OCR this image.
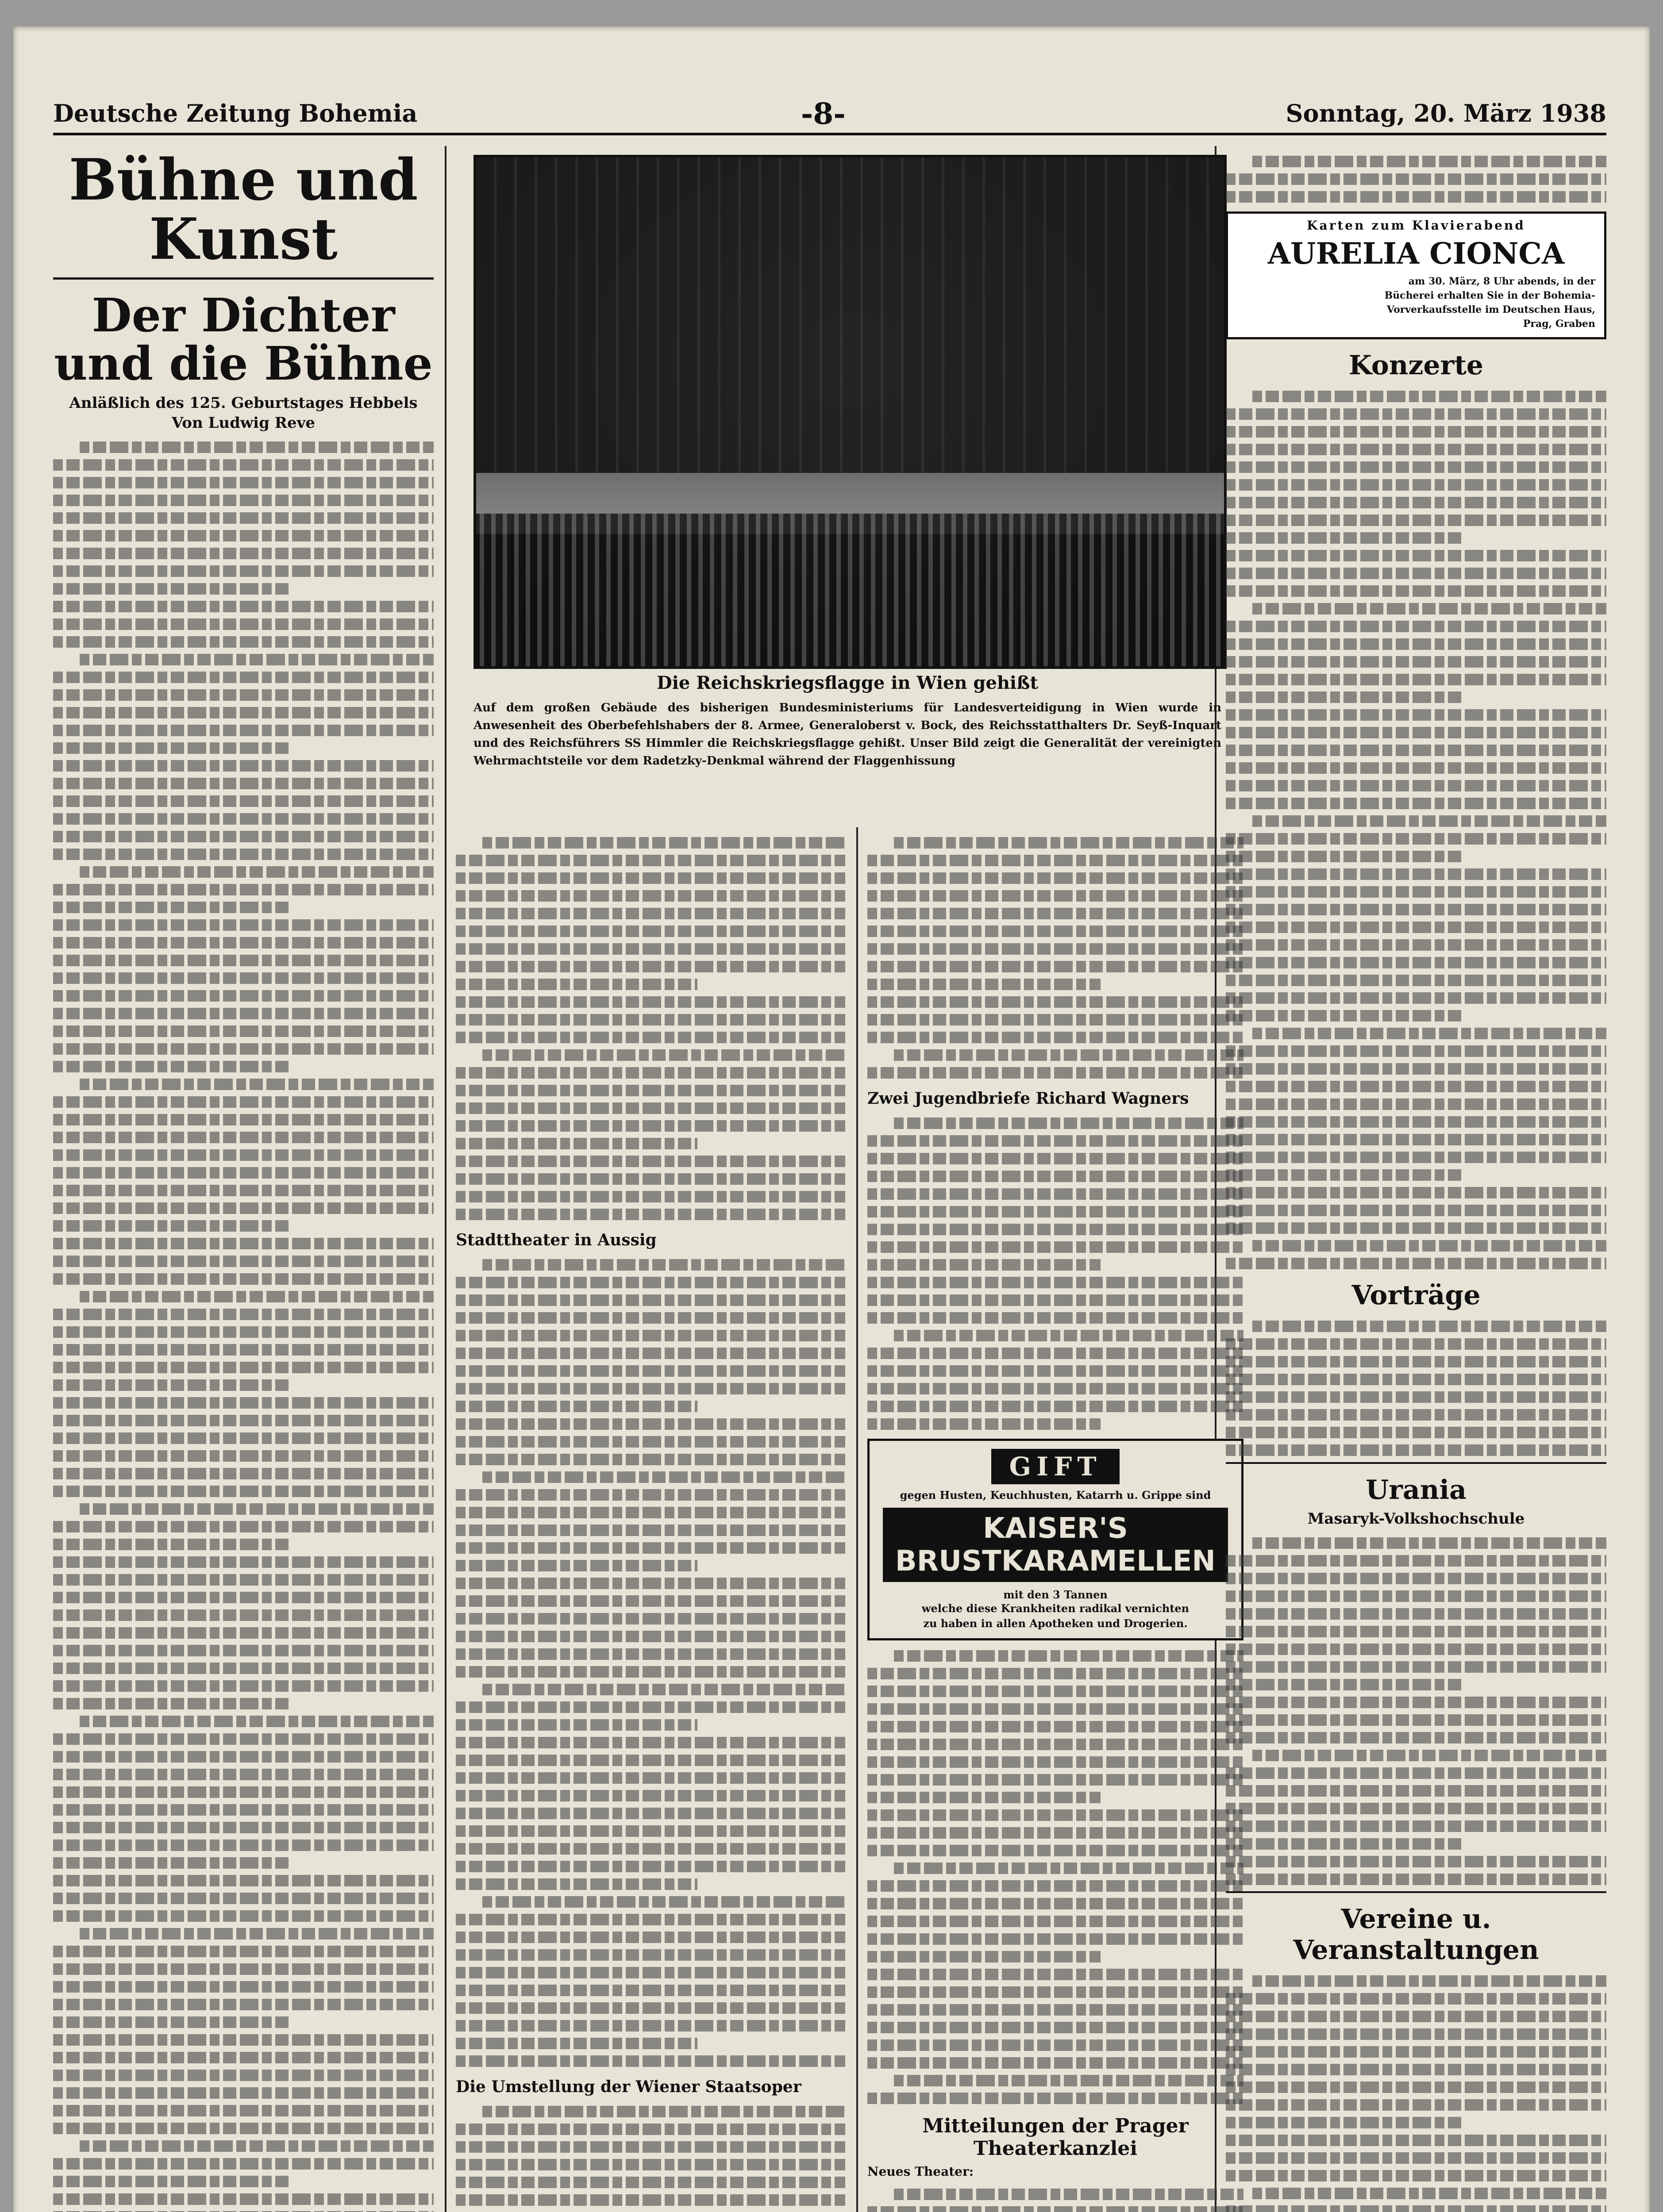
Deutsche Zeitung Bohemia	-8-	Sonntag, 20. März 1938
Bühne und Kunst
Der Dichter und die Bühne
Anläßlich des 125. Geburtstages Hebbels
Von Ludwig Reve
Die Reichskriegsflagge in Wien gehißt
Auf dem großen Gebäude des bisherigen Bundesministeriums für Landesverteidigung in Wien wurde in Anwesenheit des Oberbefehlshabers der 8. Armee, Generaloberst v. Bock, des Reichsstatthalters Dr. Seyß-Inquart und des Reichsführers SS Himmler die Reichskriegsflagge gehißt. Unser Bild zeigt die Generalität der vereinigten Wehrmachtsteile vor dem Radetzky-Denkmal während der Flaggenhissung
Stadttheater in Aussig
Die Umstellung der Wiener Staatsoper
Zwei Jugendbriefe Richard Wagners
GIFT
gegen Husten, Keuchhusten, Katarrh u. Grippe sind
KAISER'S BRUSTKARAMELLEN
mit den 3 Tannen
welche diese Krankheiten radikal vernichten
zu haben in allen Apotheken und Drogerien.
Mitteilungen der Prager Theaterkanzlei
Neues Theater:
Karten zum Klavierabend
AURELIA CIONCA
am 30. März, 8 Uhr abends, in der
Bücherei erhalten Sie in der Bohemia-
Vorverkaufsstelle im Deutschen Haus,
Prag, Graben
Konzerte
Vorträge
Urania
Masaryk-Volkshochschule
Vereine u. Veranstaltungen
